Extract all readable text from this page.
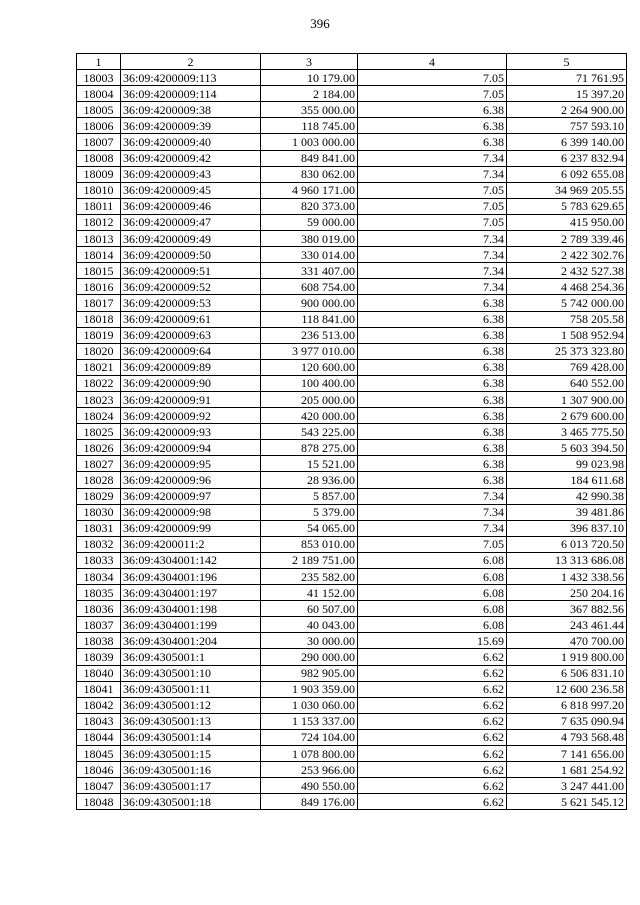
396
1	2	3	4	5
18003	36:09:4200009:113	10 179.00	7.05	71 761.95
18004	36:09:4200009:114	2 184.00	7.05	15 397.20
18005	36:09:4200009:38	355 000.00	6.38	2 264 900.00
18006	36:09:4200009:39	118 745.00	6.38	757 593.10
18007	36:09:4200009:40	1 003 000.00	6.38	6 399 140.00
18008	36:09:4200009:42	849 841.00	7.34	6 237 832.94
18009	36:09:4200009:43	830 062.00	7.34	6 092 655.08
18010	36:09:4200009:45	4 960 171.00	7.05	34 969 205.55
18011	36:09:4200009:46	820 373.00	7.05	5 783 629.65
18012	36:09:4200009:47	59 000.00	7.05	415 950.00
18013	36:09:4200009:49	380 019.00	7.34	2 789 339.46
18014	36:09:4200009:50	330 014.00	7.34	2 422 302.76
18015	36:09:4200009:51	331 407.00	7.34	2 432 527.38
18016	36:09:4200009:52	608 754.00	7.34	4 468 254.36
18017	36:09:4200009:53	900 000.00	6.38	5 742 000.00
18018	36:09:4200009:61	118 841.00	6.38	758 205.58
18019	36:09:4200009:63	236 513.00	6.38	1 508 952.94
18020	36:09:4200009:64	3 977 010.00	6.38	25 373 323.80
18021	36:09:4200009:89	120 600.00	6.38	769 428.00
18022	36:09:4200009:90	100 400.00	6.38	640 552.00
18023	36:09:4200009:91	205 000.00	6.38	1 307 900.00
18024	36:09:4200009:92	420 000.00	6.38	2 679 600.00
18025	36:09:4200009:93	543 225.00	6.38	3 465 775.50
18026	36:09:4200009:94	878 275.00	6.38	5 603 394.50
18027	36:09:4200009:95	15 521.00	6.38	99 023.98
18028	36:09:4200009:96	28 936.00	6.38	184 611.68
18029	36:09:4200009:97	5 857.00	7.34	42 990.38
18030	36:09:4200009:98	5 379.00	7.34	39 481.86
18031	36:09:4200009:99	54 065.00	7.34	396 837.10
18032	36:09:4200011:2	853 010.00	7.05	6 013 720.50
18033	36:09:4304001:142	2 189 751.00	6.08	13 313 686.08
18034	36:09:4304001:196	235 582.00	6.08	1 432 338.56
18035	36:09:4304001:197	41 152.00	6.08	250 204.16
18036	36:09:4304001:198	60 507.00	6.08	367 882.56
18037	36:09:4304001:199	40 043.00	6.08	243 461.44
18038	36:09:4304001:204	30 000.00	15.69	470 700.00
18039	36:09:4305001:1	290 000.00	6.62	1 919 800.00
18040	36:09:4305001:10	982 905.00	6.62	6 506 831.10
18041	36:09:4305001:11	1 903 359.00	6.62	12 600 236.58
18042	36:09:4305001:12	1 030 060.00	6.62	6 818 997.20
18043	36:09:4305001:13	1 153 337.00	6.62	7 635 090.94
18044	36:09:4305001:14	724 104.00	6.62	4 793 568.48
18045	36:09:4305001:15	1 078 800.00	6.62	7 141 656.00
18046	36:09:4305001:16	253 966.00	6.62	1 681 254.92
18047	36:09:4305001:17	490 550.00	6.62	3 247 441.00
18048	36:09:4305001:18	849 176.00	6.62	5 621 545.12
